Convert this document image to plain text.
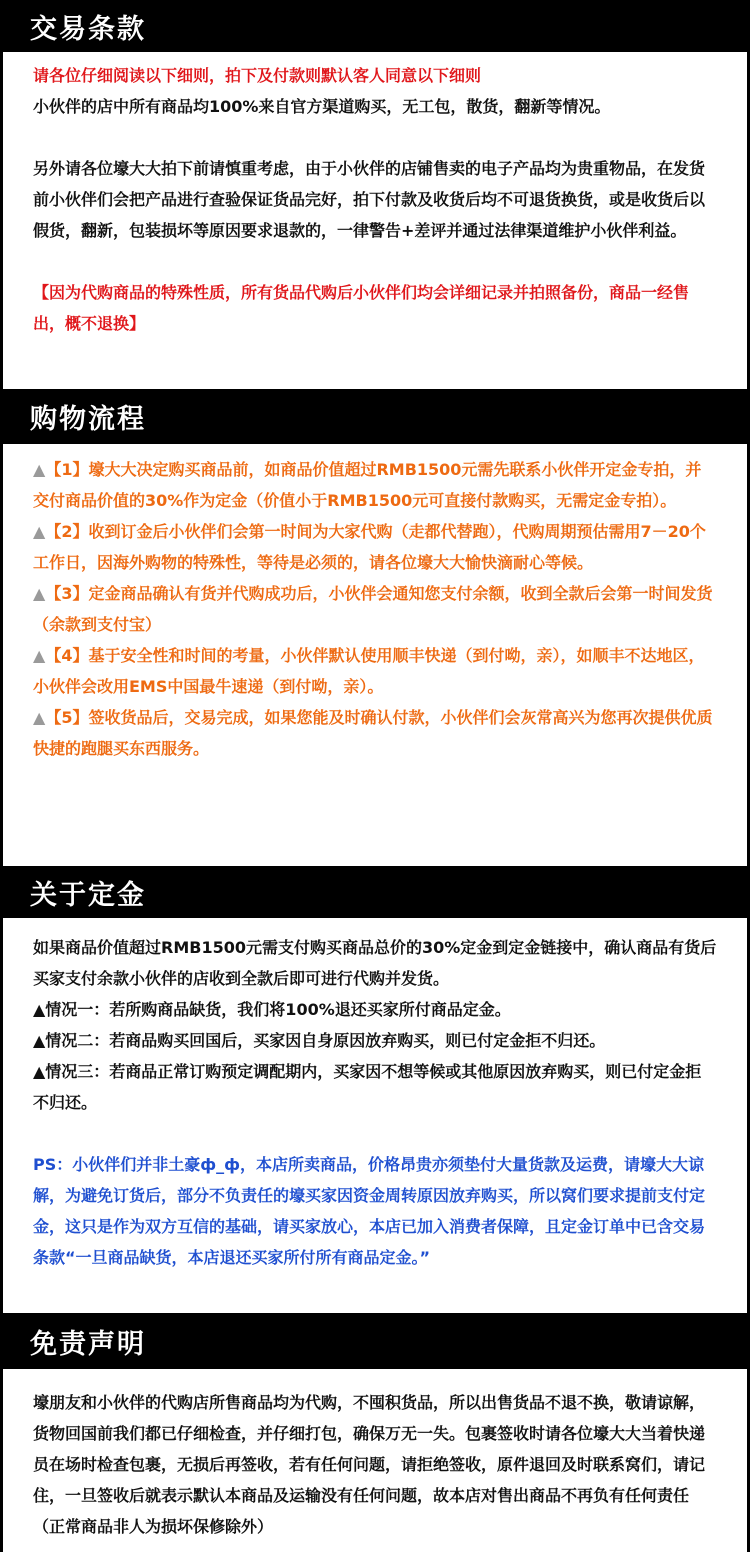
交易条款

请各位仔细阅读以下细则，拍下及付款则默认客人同意以下细则

小伙伴的店中所有商品均100%来自官方渠道购买，无工包，散货，翻新等情况。

另外请各位壕大大拍下前请慎重考虑，由于小伙伴的店铺售卖的电子产品均为贵重物品，在发货前小伙伴们会把产品进行查验保证货品完好，拍下付款及收货后均不可退货换货，或是收货后以假货，翻新，包装损坏等原因要求退款的，一律警告+差评并通过法律渠道维护小伙伴利益。

【因为代购商品的特殊性质，所有货品代购后小伙伴们均会详细记录并拍照备份，商品一经售出，概不退换】

购物流程

▲【1】壕大大决定购买商品前，如商品价值超过RMB1500元需先联系小伙伴开定金专拍，并交付商品价值的30%作为定金（价值小于RMB1500元可直接付款购买，无需定金专拍）。

▲【2】收到订金后小伙伴们会第一时间为大家代购（走都代替跑），代购周期预估需用7－20个工作日，因海外购物的特殊性，等待是必须的，请各位壕大大愉快滴耐心等候。

▲【3】定金商品确认有货并代购成功后，小伙伴会通知您支付余额，收到全款后会第一时间发货（余款到支付宝）

▲【4】基于安全性和时间的考量，小伙伴默认使用顺丰快递（到付呦，亲），如顺丰不达地区，小伙伴会改用EMS中国最牛速递（到付呦，亲）。

▲【5】签收货品后，交易完成，如果您能及时确认付款，小伙伴们会灰常高兴为您再次提供优质快捷的跑腿买东西服务。

关于定金

如果商品价值超过RMB1500元需支付购买商品总价的30%定金到定金链接中，确认商品有货后买家支付余款小伙伴的店收到全款后即可进行代购并发货。

▲情况一：若所购商品缺货，我们将100%退还买家所付商品定金。

▲情况二：若商品购买回国后，买家因自身原因放弃购买，则已付定金拒不归还。

▲情况三：若商品正常订购预定调配期内，买家因不想等候或其他原因放弃购买，则已付定金拒不归还。

PS：小伙伴们并非土豪ф_ф，本店所卖商品，价格昂贵亦须垫付大量货款及运费，请壕大大谅解，为避免订货后，部分不负责任的壕买家因资金周转原因放弃购买，所以窝们要求提前支付定金，这只是作为双方互信的基础，请买家放心，本店已加入消费者保障，且定金订单中已含交易条款“一旦商品缺货，本店退还买家所付所有商品定金。”

免责声明

壕朋友和小伙伴的代购店所售商品均为代购，不囤积货品，所以出售货品不退不换，敬请谅解，货物回国前我们都已仔细检查，并仔细打包，确保万无一失。包裹签收时请各位壕大大当着快递员在场时检查包裹，无损后再签收，若有任何问题，请拒绝签收，原件退回及时联系窝们，请记住，一旦签收后就表示默认本商品及运输没有任何问题，故本店对售出商品不再负有任何责任（正常商品非人为损坏保修除外）
